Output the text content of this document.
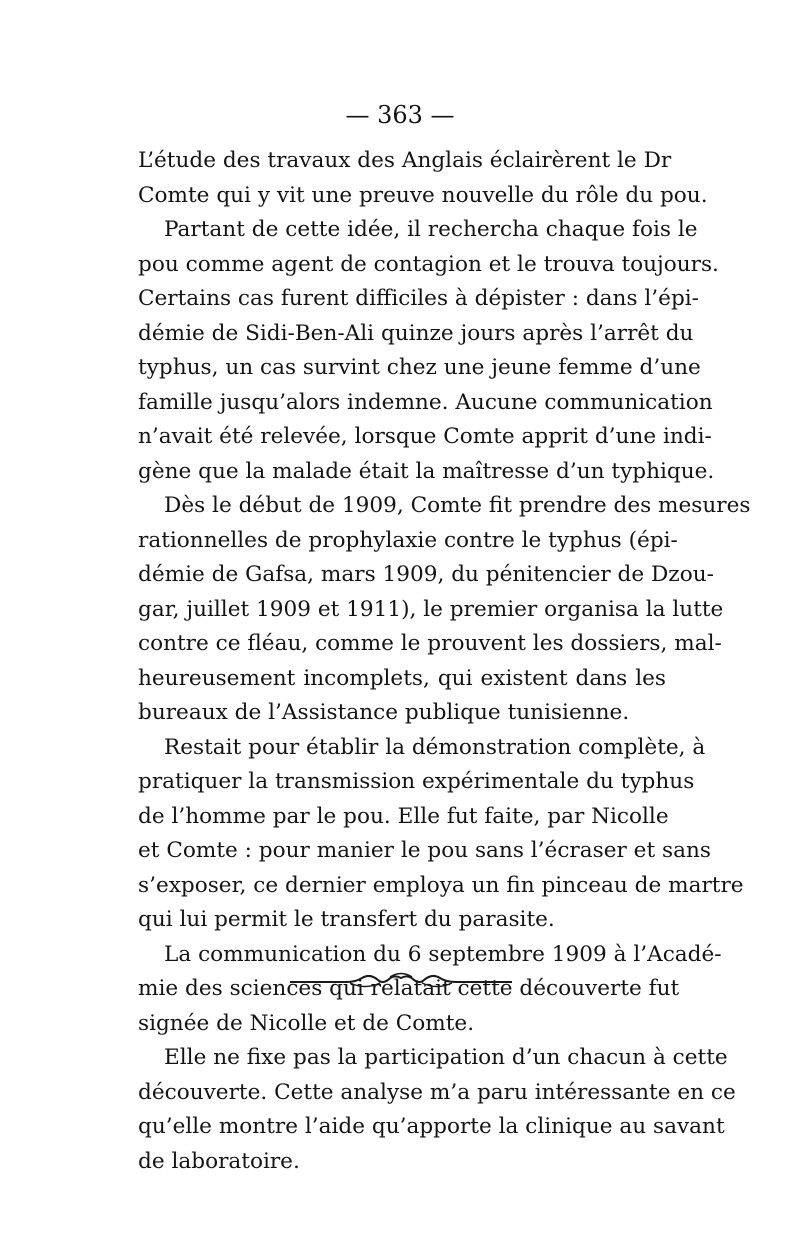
— 363 —
L’étude des travaux des Anglais éclairèrent le Dr
Comte qui y vit une preuve nouvelle du rôle du pou.
Partant de cette idée, il rechercha chaque fois le
pou comme agent de contagion et le trouva toujours.
Certains cas furent difficiles à dépister : dans l’épi-
démie de Sidi-Ben-Ali quinze jours après l’arrêt du
typhus, un cas survint chez une jeune femme d’une
famille jusqu’alors indemne. Aucune communication
n’avait été relevée, lorsque Comte apprit d’une indi-
gène que la malade était la maîtresse d’un typhique.
Dès le début de 1909, Comte fit prendre des mesures
rationnelles de prophylaxie contre le typhus (épi-
démie de Gafsa, mars 1909, du pénitencier de Dzou-
gar, juillet 1909 et 1911), le premier organisa la lutte
contre ce fléau, comme le prouvent les dossiers, mal-
heureusement incomplets, qui existent dans les
bureaux de l’Assistance publique tunisienne.
Restait pour établir la démonstration complète, à
pratiquer la transmission expérimentale du typhus
de l’homme par le pou. Elle fut faite, par Nicolle
et Comte : pour manier le pou sans l’écraser et sans
s’exposer, ce dernier employa un fin pinceau de martre
qui lui permit le transfert du parasite.
La communication du 6 septembre 1909 à l’Acadé-
mie des sciences qui relatait cette découverte fut
signée de Nicolle et de Comte.
Elle ne fixe pas la participation d’un chacun à cette
découverte. Cette analyse m’a paru intéressante en ce
qu’elle montre l’aide qu’apporte la clinique au savant
de laboratoire.
